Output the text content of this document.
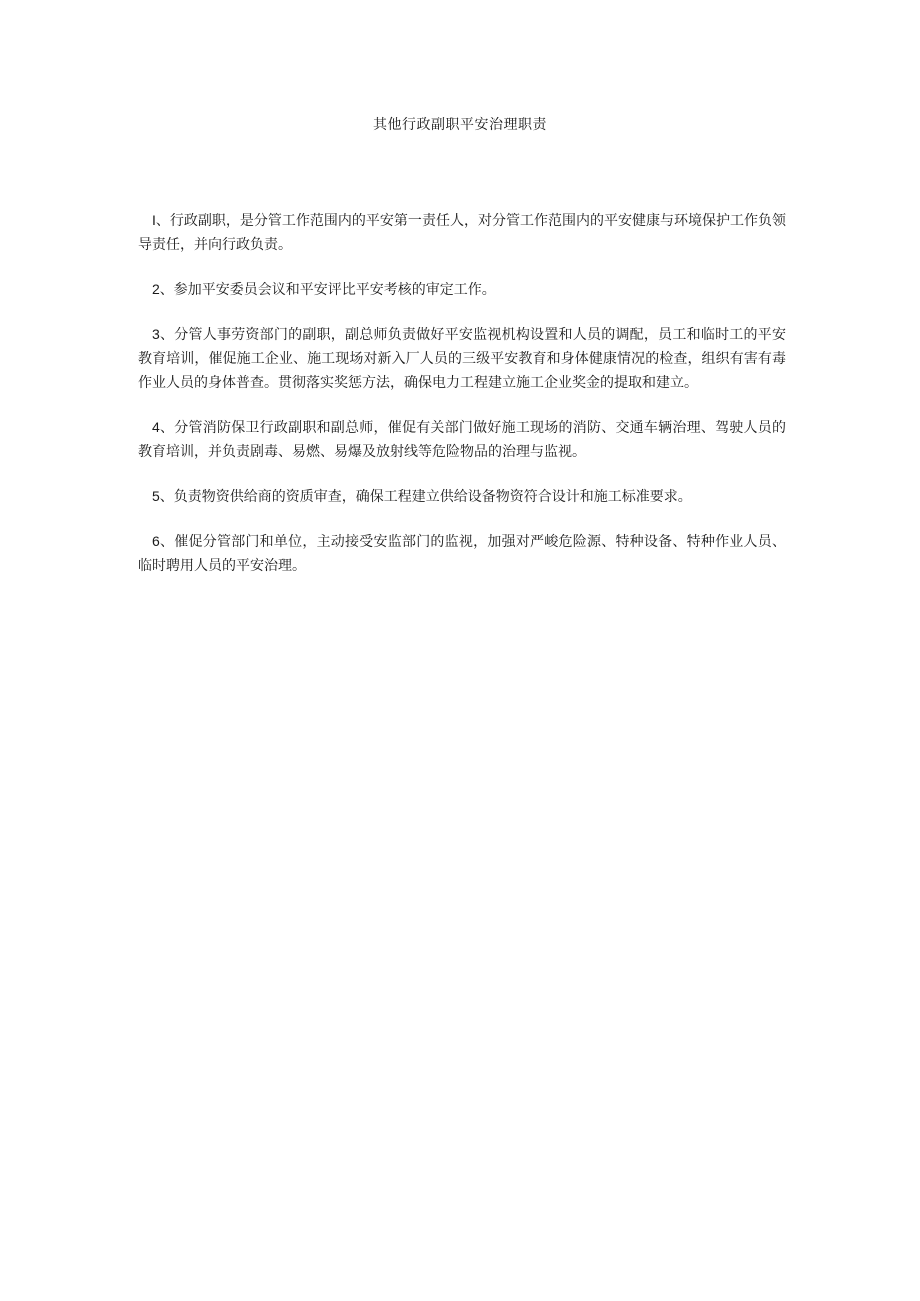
其他行政副职平安治理职责

I、行政副职，是分管工作范围内的平安第一责任人，对分管工作范围内的平安健康与环境保护工作负领导责任，并向行政负责。

2、参加平安委员会议和平安评比平安考核的审定工作。

3、分管人事劳资部门的副职，副总师负责做好平安监视机构设置和人员的调配，员工和临时工的平安教育培训，催促施工企业、施工现场对新入厂人员的三级平安教育和身体健康情况的检查，组织有害有毒作业人员的身体普查。贯彻落实奖惩方法，确保电力工程建立施工企业奖金的提取和建立。

4、分管消防保卫行政副职和副总师，催促有关部门做好施工现场的消防、交通车辆治理、驾驶人员的教育培训，并负责剧毒、易燃、易爆及放射线等危险物品的治理与监视。

5、负责物资供给商的资质审查，确保工程建立供给设备物资符合设计和施工标准要求。

6、催促分管部门和单位，主动接受安监部门的监视，加强对严峻危险源、特种设备、特种作业人员、临时聘用人员的平安治理。
